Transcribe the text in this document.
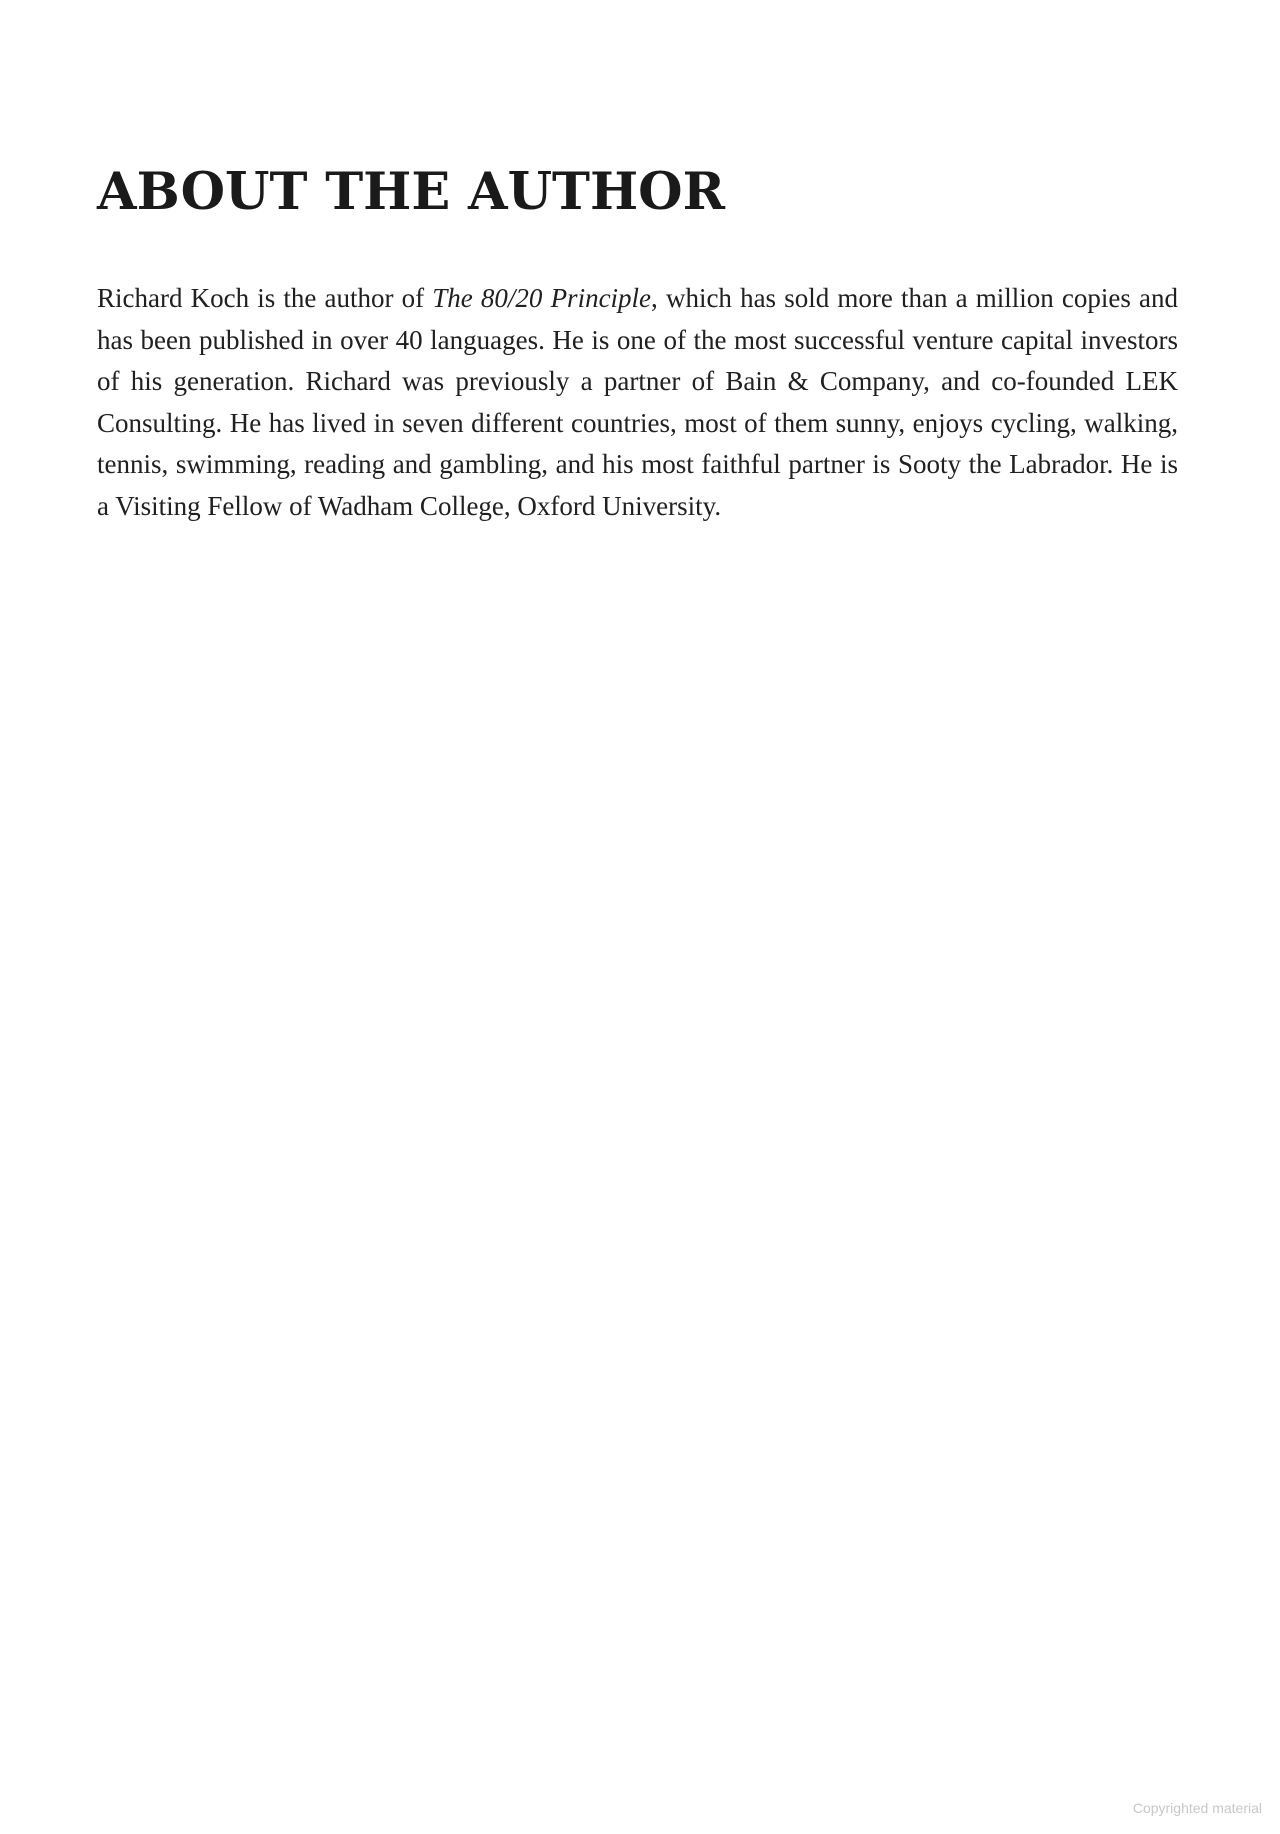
ABOUT THE AUTHOR

Richard Koch is the author of The 80/20 Principle, which has sold more than a million copies and has been published in over 40 languages. He is one of the most successful venture capital investors of his generation. Richard was previously a partner of Bain & Company, and co-founded LEK Consulting. He has lived in seven different countries, most of them sunny, enjoys cycling, walking, tennis, swimming, reading and gambling, and his most faithful partner is Sooty the Labrador. He is a Visiting Fellow of Wadham College, Oxford University.

Copyrighted material
